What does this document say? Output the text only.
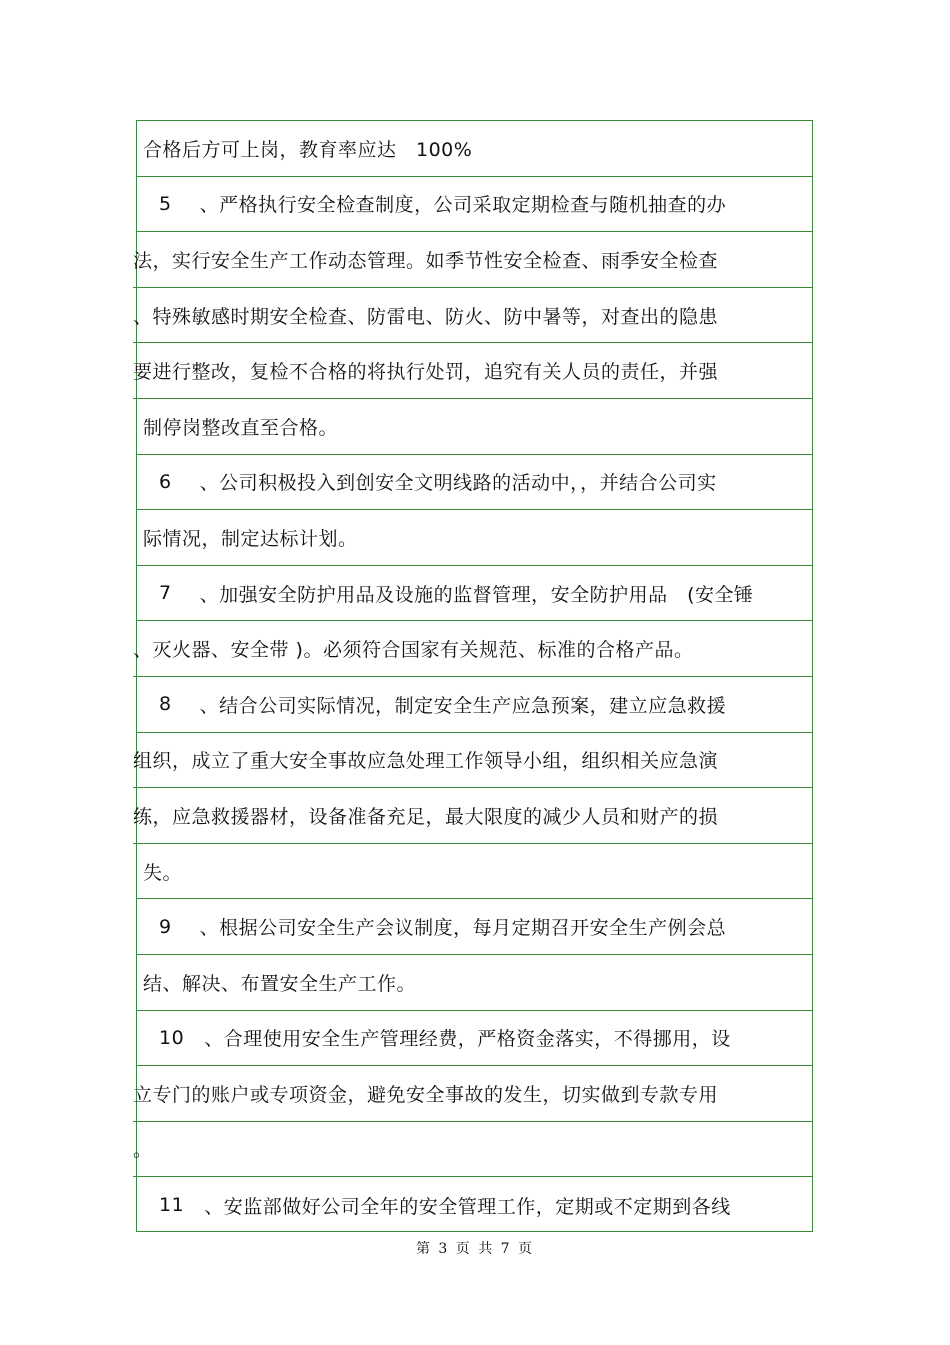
合格后方可上岗，教育率应达　100%
5 、严格执行安全检查制度，公司采取定期检查与随机抽查的办
法，实行安全生产工作动态管理。如季节性安全检查、雨季安全检查
、特殊敏感时期安全检查、防雷电、防火、防中暑等，对查出的隐患
要进行整改，复检不合格的将执行处罚，追究有关人员的责任，并强
制停岗整改直至合格。
6 、公司积极投入到创安全文明线路的活动中，，并结合公司实
际情况，制定达标计划。
7 、加强安全防护用品及设施的监督管理，安全防护用品　(安全锤
、灭火器、安全带 )。必须符合国家有关规范、标准的合格产品。
8 、结合公司实际情况，制定安全生产应急预案，建立应急救援
组织，成立了重大安全事故应急处理工作领导小组，组织相关应急演
练，应急救援器材，设备准备充足，最大限度的减少人员和财产的损
失。
9 、根据公司安全生产会议制度，每月定期召开安全生产例会总
结、解决、布置安全生产工作。
10 、合理使用安全生产管理经费，严格资金落实，不得挪用，设
立专门的账户或专项资金，避免安全事故的发生，切实做到专款专用
。
11 、安监部做好公司全年的安全管理工作，定期或不定期到各线
第 3 页 共 7 页
